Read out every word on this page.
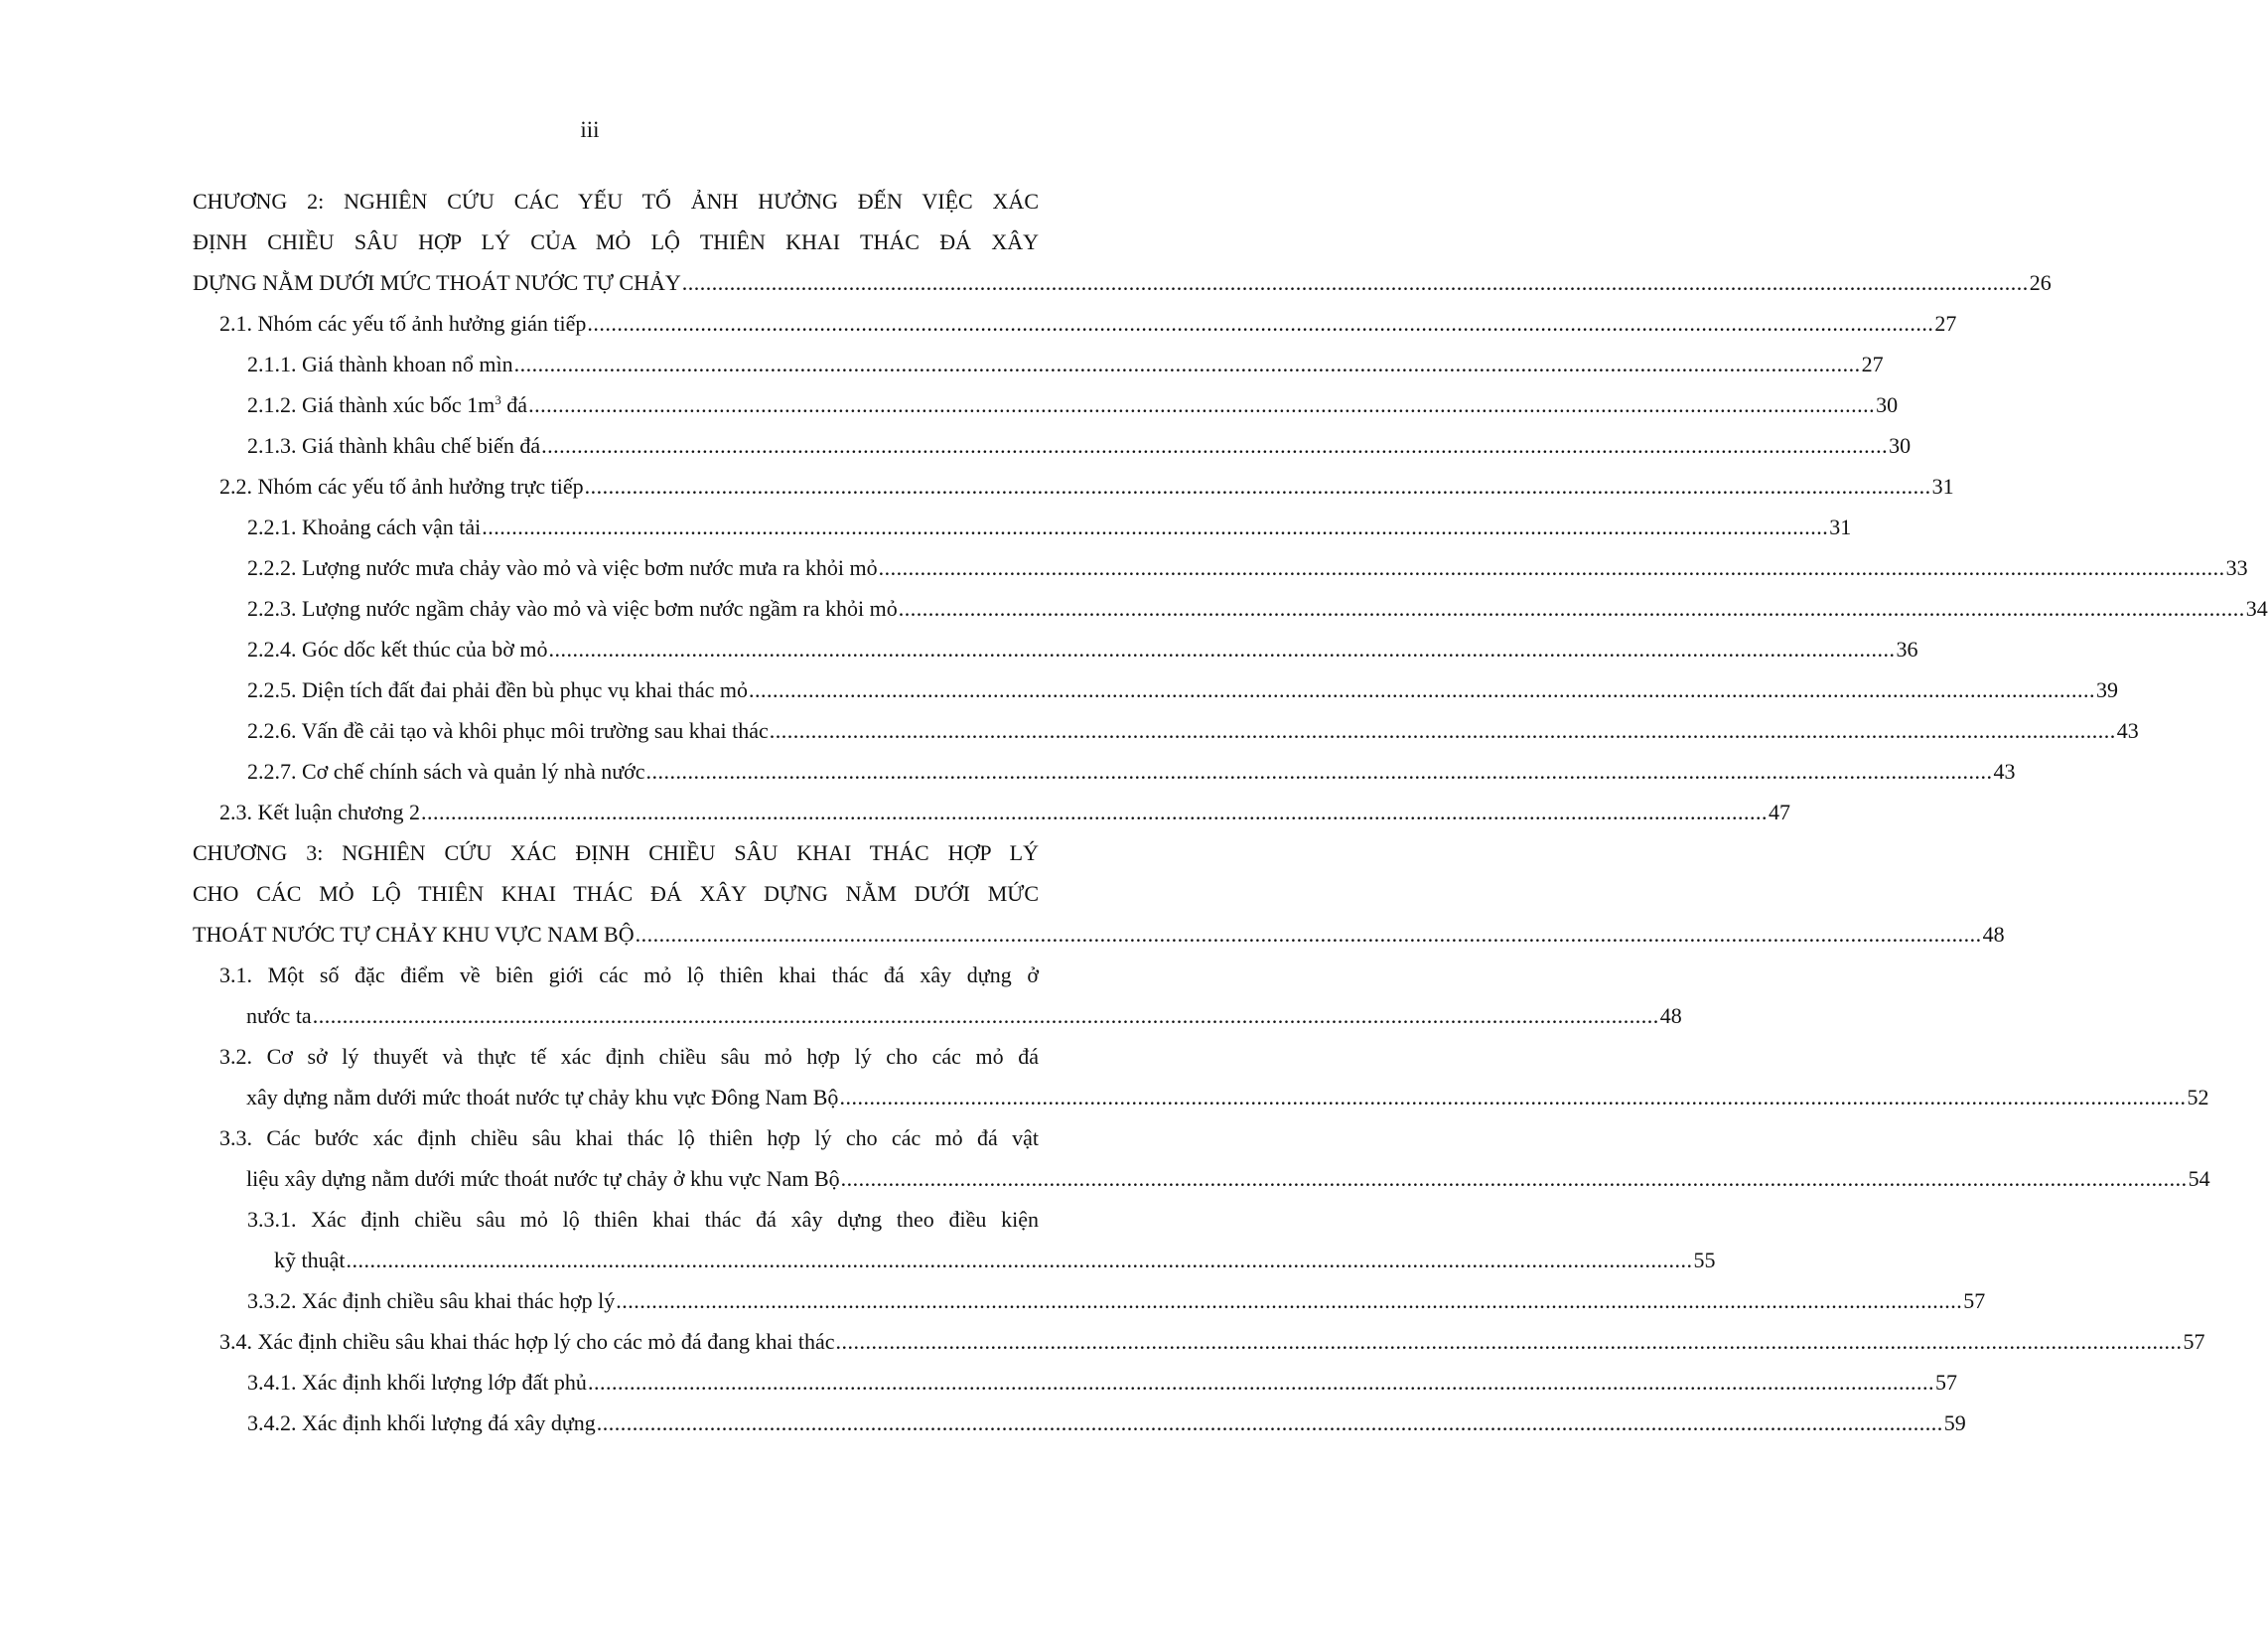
iii
CHƯƠNG 2: NGHIÊN CỨU CÁC YẾU TỐ ẢNH HƯỞNG ĐẾN VIỆC XÁC
ĐỊNH CHIỀU SÂU HỢP LÝ CỦA MỎ LỘ THIÊN KHAI THÁC ĐÁ XÂY
DỰNG NẰM DƯỚI MỨC THOÁT NƯỚC TỰ CHẢY .................................................................................................................................................................................................................................. 26
2.1. Nhóm các yếu tố ảnh hưởng gián tiếp .................................................................................................................................................................................................................................. 27
2.1.1. Giá thành khoan nổ mìn .................................................................................................................................................................................................................................. 27
2.1.2. Giá thành xúc bốc $1m^3$ đá .................................................................................................................................................................................................................................. 30
2.1.3. Giá thành khâu chế biến đá .................................................................................................................................................................................................................................. 30
2.2. Nhóm các yếu tố ảnh hưởng trực tiếp .................................................................................................................................................................................................................................. 31
2.2.1. Khoảng cách vận tải .................................................................................................................................................................................................................................. 31
2.2.2. Lượng nước mưa chảy vào mỏ và việc bơm nước mưa ra khỏi mỏ .................................................................................................................................................................................................................................. 33
2.2.3. Lượng nước ngầm chảy vào mỏ và việc bơm nước ngầm ra khỏi mỏ .................................................................................................................................................................................................................................. 34
2.2.4. Góc dốc kết thúc của bờ mỏ .................................................................................................................................................................................................................................. 36
2.2.5. Diện tích đất đai phải đền bù phục vụ khai thác mỏ .................................................................................................................................................................................................................................. 39
2.2.6. Vấn đề cải tạo và khôi phục môi trường sau khai thác .................................................................................................................................................................................................................................. 43
2.2.7. Cơ chế chính sách và quản lý nhà nước .................................................................................................................................................................................................................................. 43
2.3. Kết luận chương 2 .................................................................................................................................................................................................................................. 47
CHƯƠNG 3: NGHIÊN CỨU XÁC ĐỊNH CHIỀU SÂU KHAI THÁC HỢP LÝ
CHO CÁC MỎ LỘ THIÊN KHAI THÁC ĐÁ XÂY DỰNG NẰM DƯỚI MỨC
THOÁT NƯỚC TỰ CHẢY KHU VỰC NAM BỘ .................................................................................................................................................................................................................................. 48
3.1. Một số đặc điểm về biên giới các mỏ lộ thiên khai thác đá xây dựng ở
nước ta .................................................................................................................................................................................................................................. 48
3.2. Cơ sở lý thuyết và thực tế xác định chiều sâu mỏ hợp lý cho các mỏ đá
xây dựng nằm dưới mức thoát nước tự chảy khu vực Đông Nam Bộ .................................................................................................................................................................................................................................. 52
3.3. Các bước xác định chiều sâu khai thác lộ thiên hợp lý cho các mỏ đá vật
liệu xây dựng nằm dưới mức thoát nước tự chảy ở khu vực Nam Bộ .................................................................................................................................................................................................................................. 54
3.3.1. Xác định chiều sâu mỏ lộ thiên khai thác đá xây dựng theo điều kiện
kỹ thuật .................................................................................................................................................................................................................................. 55
3.3.2. Xác định chiều sâu khai thác hợp lý .................................................................................................................................................................................................................................. 57
3.4. Xác định chiều sâu khai thác hợp lý cho các mỏ đá đang khai thác .................................................................................................................................................................................................................................. 57
3.4.1. Xác định khối lượng lớp đất phủ .................................................................................................................................................................................................................................. 57
3.4.2. Xác định khối lượng đá xây dựng .................................................................................................................................................................................................................................. 59
